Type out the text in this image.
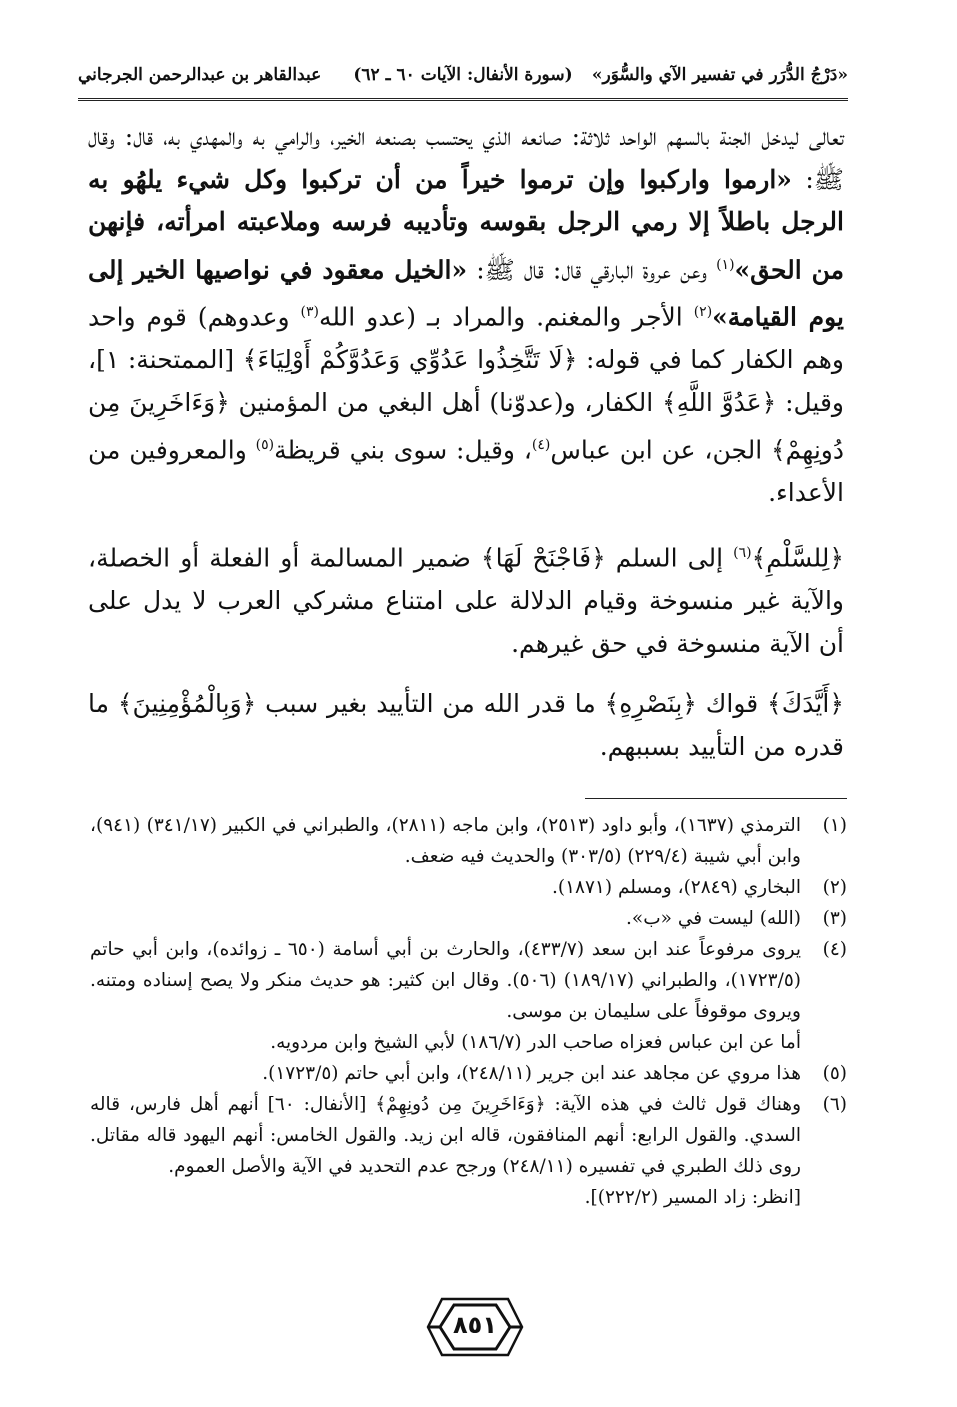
«دَرْجُ الدُّرَر في تفسير الآي والسُّوَر»
(سورة الأنفال: الآيات ٦٠ ـ ٦٢)
عبدالقاهر بن عبدالرحمن الجرجاني

تعالى ليدخل الجنة بالسهم الواحد ثلاثة: صانعه الذي يحتسب بصنعه الخير، والرامي به والمهدي به، قال: وقال ﷺ: «ارموا واركبوا وإن ترموا خيراً من أن تركبوا وكل شيء يلهُو به الرجل باطلاً إلا رمي الرجل بقوسه وتأديبه فرسه وملاعبته امرأته، فإنهن من الحق»$^{(١)}$ وعن عروة البارقي قال: قال ﷺ: «الخيل معقود في نواصيها الخير إلى يوم القيامة»$^{(٢)}$ الأجر والمغنم. والمراد بـ (عدو الله$^{(٣)}$ وعدوهم) قوم واحد وهم الكفار كما في قوله: ﴿لَا تَتَّخِذُوا عَدُوِّي وَعَدُوَّكُمْ أَوْلِيَاءَ﴾ [الممتحنة: ١]، وقيل: ﴿عَدُوَّ اللَّهِ﴾ الكفار، و(عدوّنا) أهل البغي من المؤمنين ﴿وَءَاخَرِينَ مِن دُونِهِمْ﴾ الجن، عن ابن عباس$^{(٤)}$، وقيل: سوى بني قريظة$^{(٥)}$ والمعروفين من الأعداء.

﴿لِلسَّلْمِ﴾$^{(٦)}$ إلى السلم ﴿فَاجْنَحْ لَهَا﴾ ضمير المسالمة أو الفعلة أو الخصلة، والآية غير منسوخة وقيام الدلالة على امتناع مشركي العرب لا يدل على أن الآية منسوخة في حق غيرهم.

﴿أَيَّدَكَ﴾ قواك ﴿بِنَصْرِهِ﴾ ما قدر الله من التأييد بغير سبب ﴿وَبِالْمُؤْمِنِينَ﴾ ما قدره من التأييد بسببهم.

(١)
الترمذي (١٦٣٧)، وأبو داود (٢٥١٣)، وابن ماجه (٢٨١١)، والطبراني في الكبير (٣٤١/١٧) (٩٤١)، وابن أبي شيبة (٢٢٩/٤) (٣٠٣/٥) والحديث فيه ضعف.
(٢)
البخاري (٢٨٤٩)، ومسلم (١٨٧١).
(٣)
(الله) ليست في «ب».
(٤)
يروى مرفوعاً عند ابن سعد (٤٣٣/٧)، والحارث بن أبي أسامة (٦٥٠ ـ زوائده)، وابن أبي حاتم (١٧٢٣/٥)، والطبراني (١٨٩/١٧) (٥٠٦). وقال ابن كثير: هو حديث منكر ولا يصح إسناده ومتنه. ويروى موقوفاً على سليمان بن موسى.
أما عن ابن عباس فعزاه صاحب الدر (١٨٦/٧) لأبي الشيخ وابن مردويه.
(٥)
هذا مروي عن مجاهد عند ابن جرير (٢٤٨/١١)، وابن أبي حاتم (١٧٢٣/٥).
(٦)
وهناك قول ثالث في هذه الآية: ﴿وَءَاخَرِينَ مِن دُونِهِمْ﴾ [الأنفال: ٦٠] أنهم أهل فارس، قاله السدي. والقول الرابع: أنهم المنافقون، قاله ابن زيد. والقول الخامس: أنهم اليهود قاله مقاتل. روى ذلك الطبري في تفسيره (٢٤٨/١١) ورجح عدم التحديد في الآية والأصل العموم.
[انظر: زاد المسير (٢٢٢/٢)].
٨٥١
